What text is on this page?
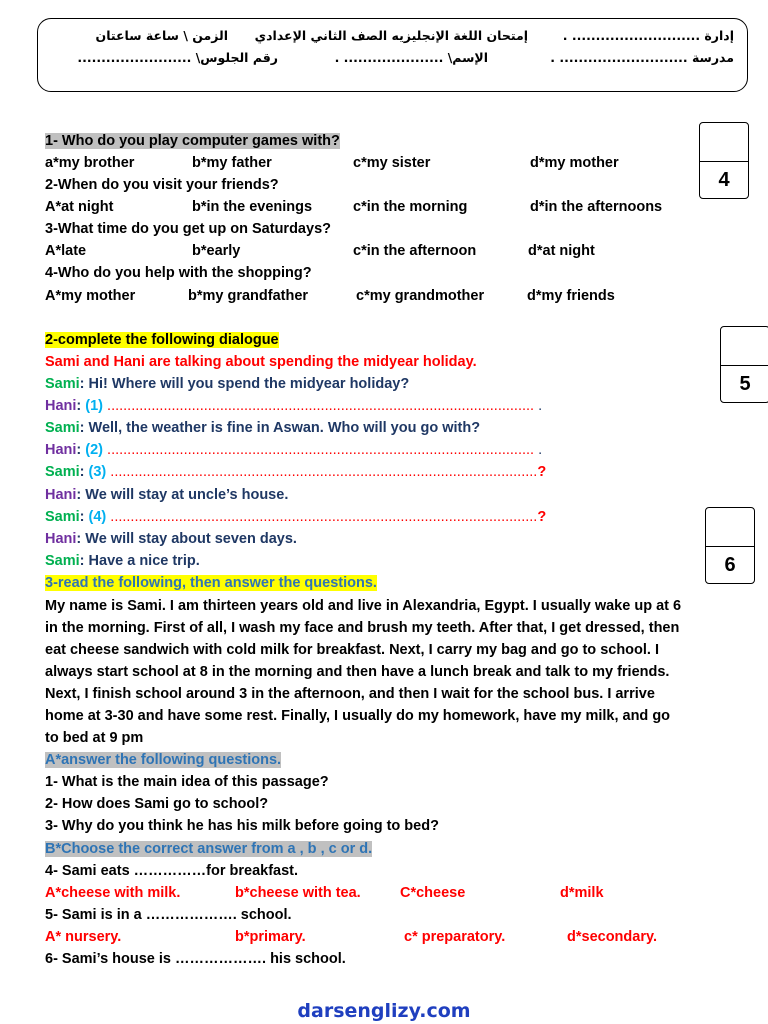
إمتحان اللغة الإنجليزيه الصف الثاني الإعدادي	إدارة ........................... .
الزمن \ ساعة ساعتان
مدرسة ........................... .
الإسم\ ..................... .
رقم الجلوس\ ........................
4
5
6
1- Who do you play computer games with?
a*my brother	b*my father	c*my sister	d*my mother
2-When do you visit your friends?
A*at night	b*in the evenings	c*in the morning	d*in the afternoons
3-What time do you get up on Saturdays?
A*late	b*early	c*in the afternoon	d*at night
4-Who do you help with the shopping?
A*my mother	b*my grandfather	c*my grandmother	d*my friends
2-complete the following dialogue
Sami and Hani are talking about spending the midyear holiday.
Sami: Hi! Where will you spend the midyear holiday?
Hani: (1) .......................................................................................................... .
Sami: Well, the weather is fine in Aswan. Who will you go with?
Hani: (2) .......................................................................................................... .
Sami: (3) ..........................................................................................................?
Hani: We will stay at uncle’s house.
Sami: (4) ..........................................................................................................?
Hani: We will stay about seven days.
Sami: Have a nice trip.
3-read the following, then answer the questions.
My name is Sami. I am thirteen years old and live in Alexandria, Egypt. I usually wake up at 6
in the morning. First of all, I wash my face and brush my teeth. After that, I get dressed, then
eat cheese sandwich with cold milk for breakfast. Next, I carry my bag and go to school. I
always start school at 8 in the morning and then have a lunch break and talk to my friends.
Next, I finish school around 3 in the afternoon, and then I wait for the school bus. I arrive
home at 3-30 and have some rest. Finally, I usually do my homework, have my milk, and go
to bed at 9 pm
A*answer the following questions.
1- What is the main idea of this passage?
2- How does Sami go to school?
3- Why do you think he has his milk before going to bed?
B*Choose the correct answer from a , b , c or d.
4- Sami eats ……………for breakfast.
A*cheese with milk.	b*cheese with tea.	C*cheese	d*milk
5- Sami is in a ………………. school.
A* nursery.	b*primary.	c* preparatory.	d*secondary.
6- Sami’s house is ………………. his school.
darsenglizy.com
